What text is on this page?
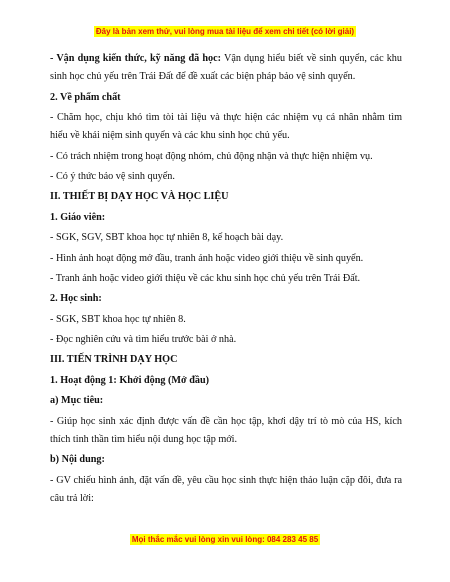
Đây là bản xem thử, vui lòng mua tài liệu để xem chi tiết (có lời giải)

- Vận dụng kiến thức, kỹ năng đã học: Vận dụng hiểu biết về sinh quyển, các khu sinh học chủ yếu trên Trái Đất để đề xuất các biện pháp bảo vệ sinh quyển.

2. Về phẩm chất

- Chăm học, chịu khó tìm tòi tài liệu và thực hiện các nhiệm vụ cá nhân nhằm tìm hiểu về khái niệm sinh quyển và các khu sinh học chủ yếu.

- Có trách nhiệm trong hoạt động nhóm, chủ động nhận và thực hiện nhiệm vụ.

- Có ý thức bảo vệ sinh quyển.

II. THIẾT BỊ DẠY HỌC VÀ HỌC LIỆU

1. Giáo viên:

- SGK, SGV, SBT khoa học tự nhiên 8, kế hoạch bài dạy.

- Hình ảnh hoạt động mở đầu, tranh ảnh hoặc video giới thiệu về sinh quyển.

- Tranh ảnh hoặc video giới thiệu về các khu sinh học chủ yếu trên Trái Đất.

2. Học sinh:

- SGK, SBT khoa học tự nhiên 8.

- Đọc nghiên cứu và tìm hiểu trước bài ở nhà.

III. TIẾN TRÌNH DẠY HỌC

1. Hoạt động 1: Khởi động (Mở đầu)

a) Mục tiêu:

- Giúp học sinh xác định được vấn đề cần học tập, khơi dậy trí tò mò của HS, kích thích tinh thần tìm hiểu nội dung học tập mới.

b) Nội dung:

- GV chiếu hình ảnh, đặt vấn đề, yêu cầu học sinh thực hiện thảo luận cặp đôi, đưa ra câu trả lời:

Mọi thắc mắc vui lòng xin vui lòng: 084 283 45 85
